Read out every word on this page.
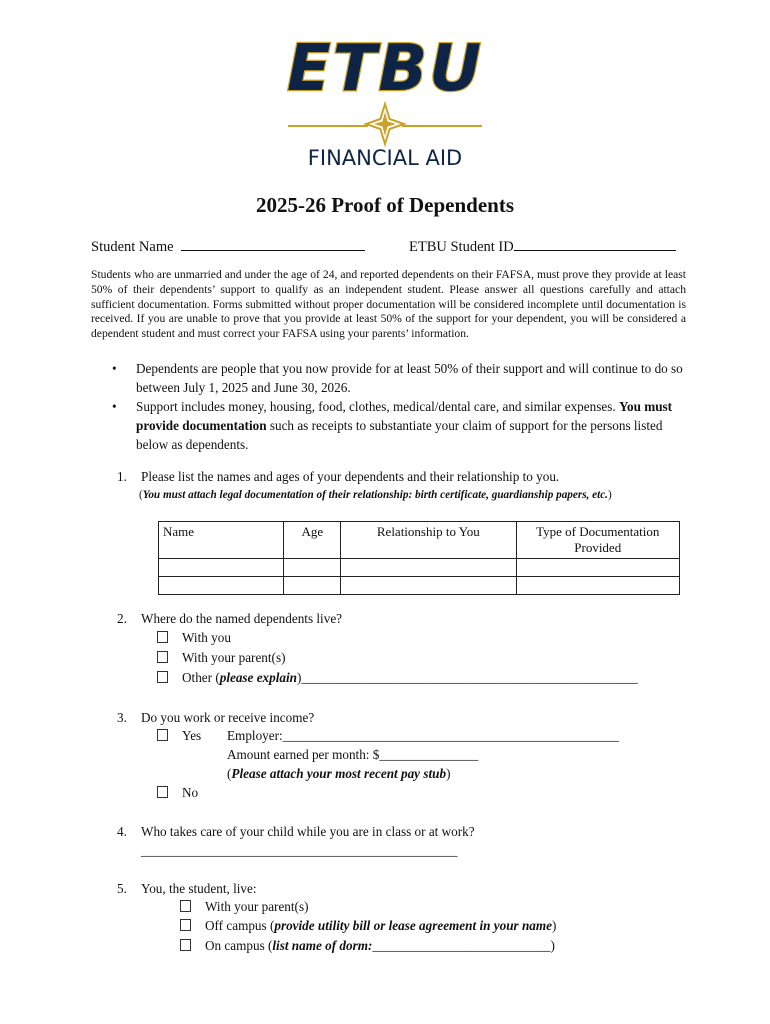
ETBU
FINANCIAL AID
2025-26 Proof of Dependents
Student Name	ETBU Student ID
Students who are unmarried and under the age of 24, and reported dependents on their FAFSA, must prove they provide at least 50% of their dependents’ support to qualify as an independent student. Please answer all questions carefully and attach sufficient documentation. Forms submitted without proper documentation will be considered incomplete until documentation is received. If you are unable to prove that you provide at least 50% of the support for your dependent, you will be considered a dependent student and must correct your FAFSA using your parents’ information.
• Dependents are people that you now provide for at least 50% of their support and will continue to do so between July 1, 2025 and June 30, 2026.
• Support includes money, housing, food, clothes, medical/dental care, and similar expenses. You must provide documentation such as receipts to substantiate your claim of support for the persons listed below as dependents.
1. Please list the names and ages of your dependents and their relationship to you.
(You must attach legal documentation of their relationship: birth certificate, guardianship papers, etc.)
Name	Age	Relationship to You	Type of Documentation Provided

2. Where do the named dependents live?
With you
With your parent(s)
Other (please explain)___________________________________________________
3. Do you work or receive income?
Yes Employer:___________________________________________________
Amount earned per month: $_______________
(Please attach your most recent pay stub)
No
4. Who takes care of your child while you are in class or at work?
________________________________________________
5. You, the student, live:
With your parent(s)
Off campus (provide utility bill or lease agreement in your name)
On campus (list name of dorm:___________________________)
